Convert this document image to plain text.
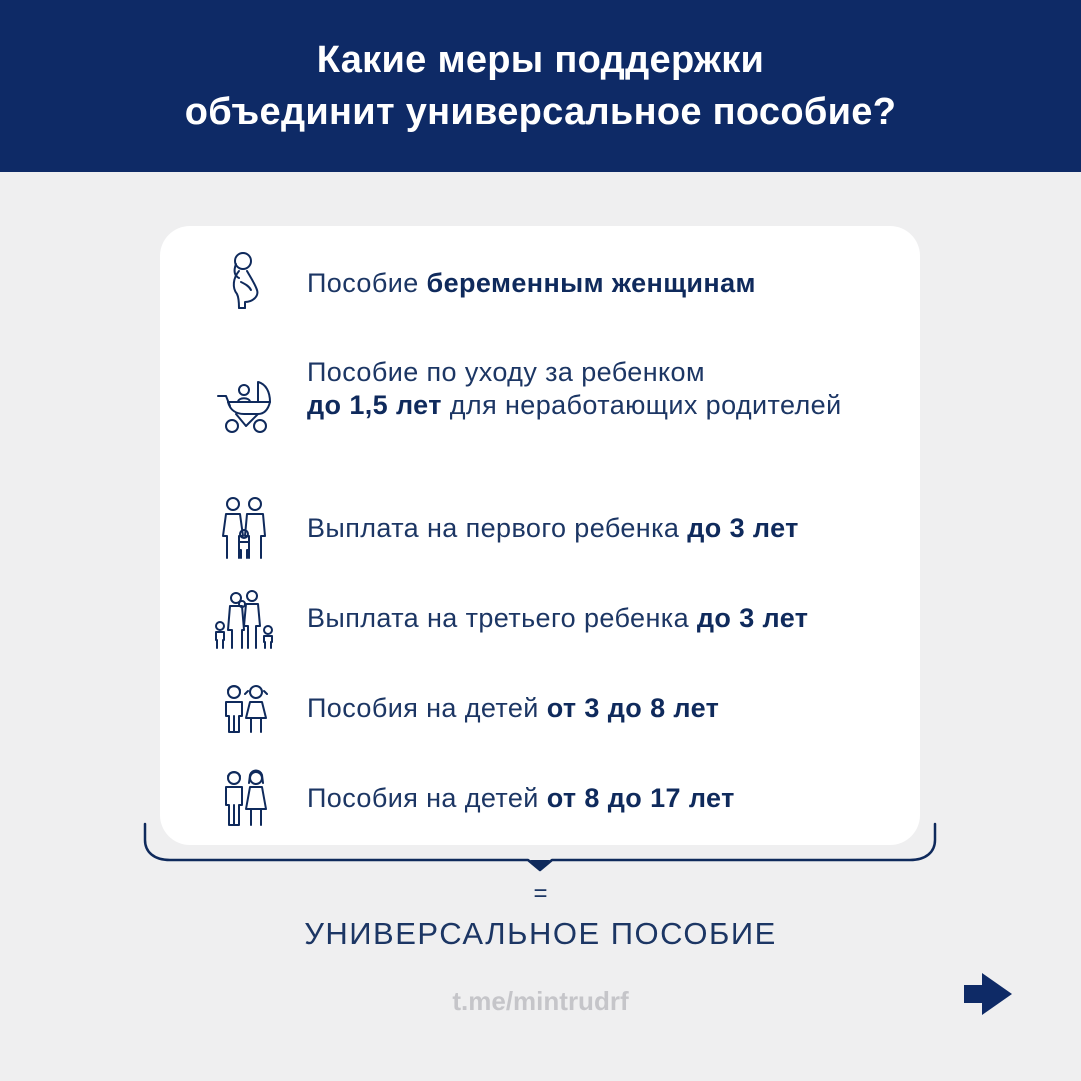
Какие меры поддержки
объединит универсальное пособие?
Пособие беременным женщинам
Пособие по уходу за ребенком
до 1,5 лет для неработающих родителей
Выплата на первого ребенка до 3 лет
Выплата на третьего ребенка до 3 лет
Пособия на детей от 3 до 8 лет
Пособия на детей от 8 до 17 лет
=
УНИВЕРСАЛЬНОЕ ПОСОБИЕ
t.me/mintrudrf
